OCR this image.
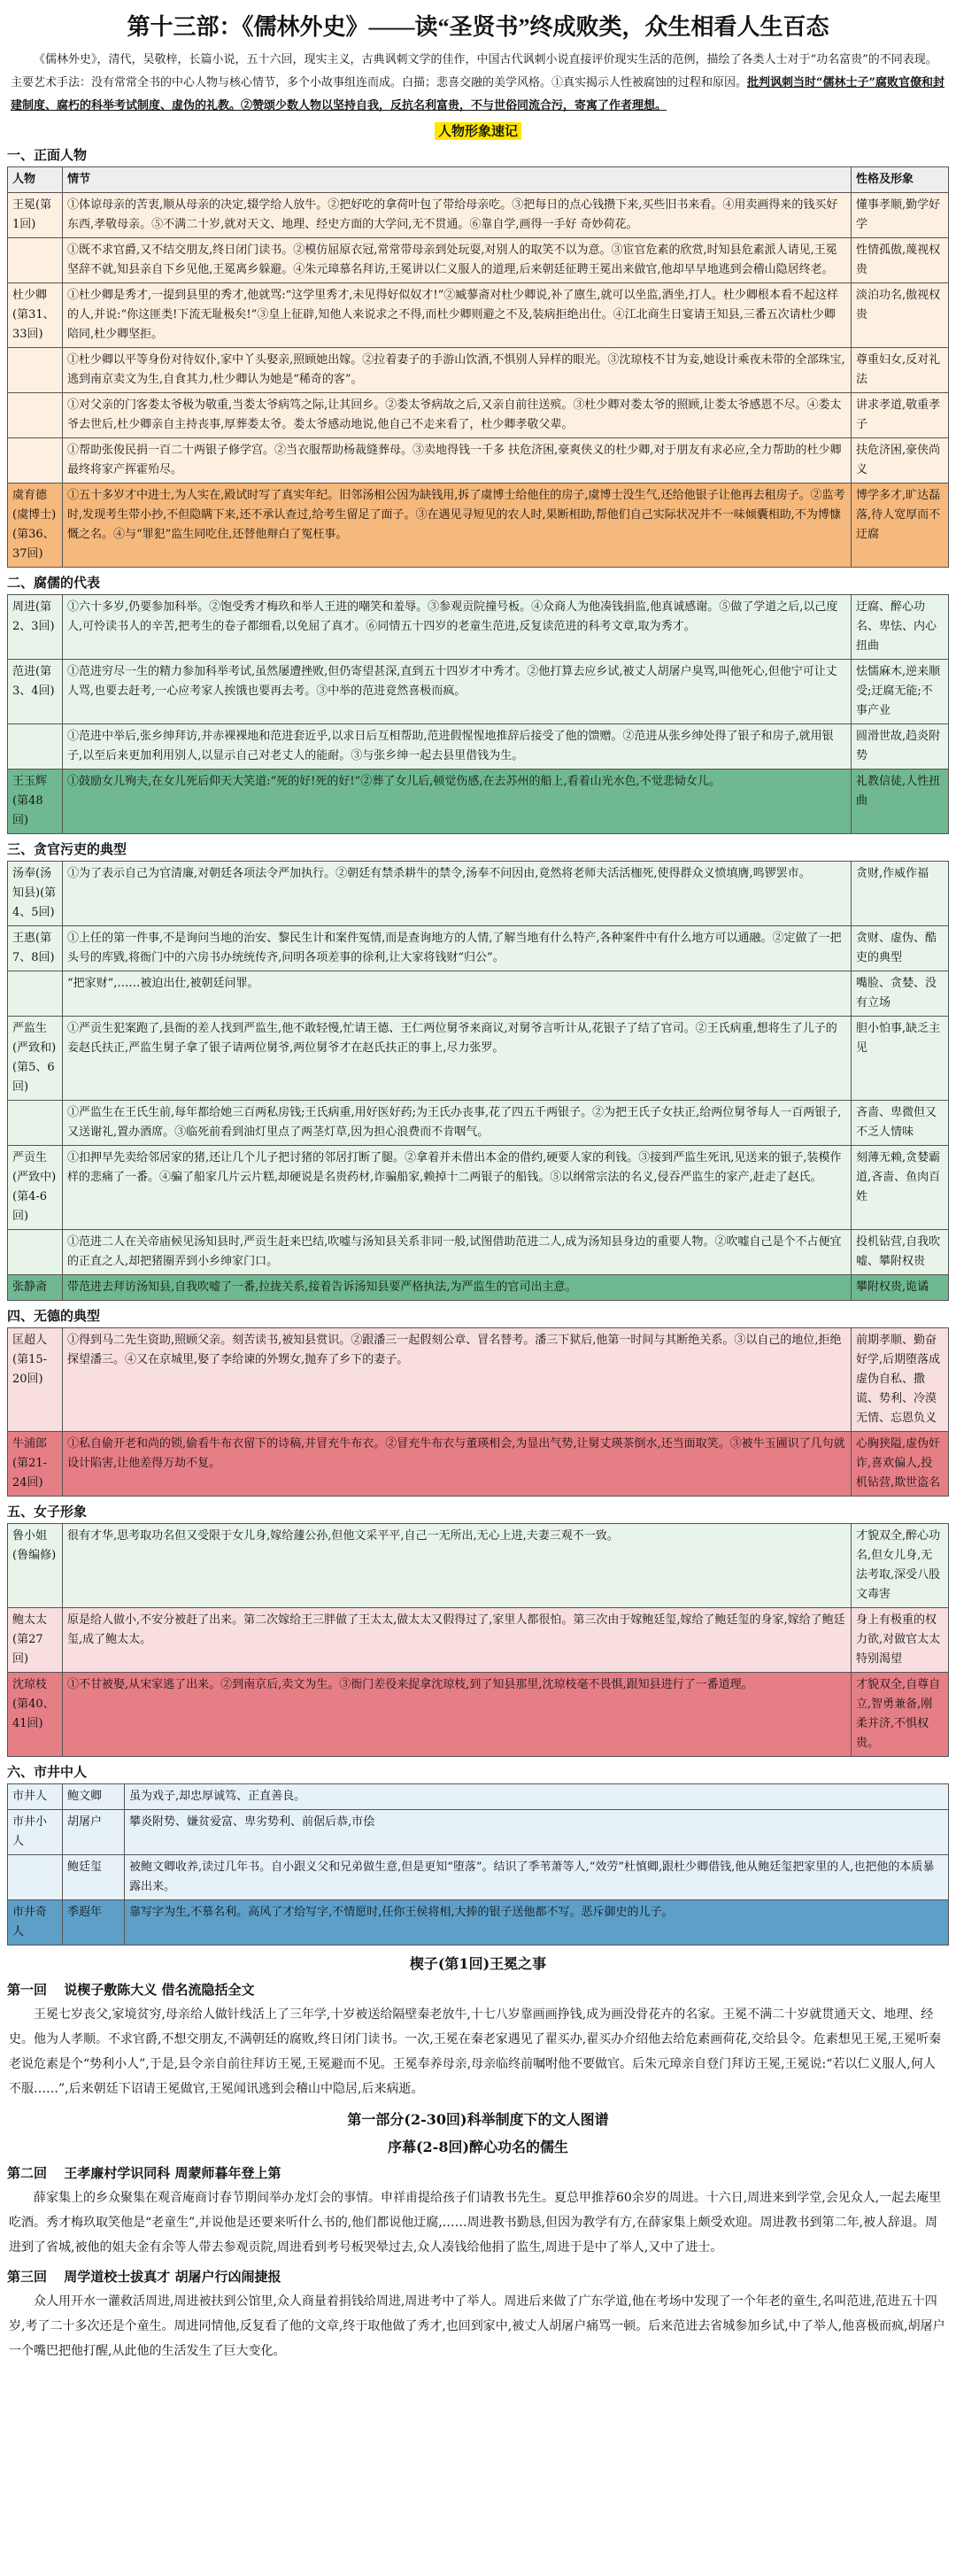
第十三部：《儒林外史》——读“圣贤书”终成败类，众生相看人生百态
《儒林外史》，清代，吴敬梓，长篇小说，五十六回，现实主义，古典讽刺文学的佳作，中国古代讽刺小说直接评价现实生活的范例，描绘了各类人士对于“功名富贵”的不同表现。主要艺术手法：没有常常全书的中心人物与核心情节，多个小故事组连而成。白描；悲喜交融的美学风格。①真实揭示人性被腐蚀的过程和原因。批判讽刺当时“儒林士子”腐败官僚和封建制度、腐朽的科举考试制度、虚伪的礼教。②赞颂少数人物以坚持自我，反抗名利富贵，不与世俗同流合污，寄寓了作者理想。
人物形象速记
一、正面人物
人物	情节	性格及形象
王冕(第1回)	①体谅母亲的苦衷,顺从母亲的决定,辍学给人放牛。②把好吃的拿荷叶包了带给母亲吃。③把每日的点心钱攒下来,买些旧书来看。④用卖画得来的钱买好东西,孝敬母亲。⑤不满二十岁,就对天文、地理、经史方面的大学问,无不贯通。⑥靠自学,画得一手好 奇妙荷花。	懂事孝顺,勤学好学
	①既不求官爵,又不结交朋友,终日闭门读书。②模仿屈原衣冠,常常带母亲到处玩耍,对别人的取笑不以为意。③宦官危素的欣赏,时知县危素派人请见,王冕坚辞不就,知县亲自下乡见他,王冕离乡躲避。④朱元璋慕名拜访,王冕讲以仁义服人的道理,后来朝廷征聘王冕出来做官,他却早早地逃到会稽山隐居终老。	性情孤傲,蔑视权贵
杜少卿(第31、33回)	①杜少卿是秀才,一提到县里的秀才,他就骂:“这学里秀才,未见得好似奴才!”②臧蓼斋对杜少卿说,补了廪生,就可以坐监,酒坐,打人。杜少卿根本看不起这样的人,并说:“你这匪类!下流无耻极矣!”③皇上征辟,知他人来说求之不得,而杜少卿则避之不及,装病拒绝出仕。④江北商生日宴请王知县,三番五次请杜少卿陪同,杜少卿坚拒。	淡泊功名,傲视权贵
	①杜少卿以平等身份对待奴仆,家中丫头娶亲,照顾她出嫁。②拉着妻子的手游山饮酒,不惧别人异样的眼光。③沈琼枝不甘为妾,她设计乘夜未带的全部珠宝,逃到南京卖文为生,自食其力,杜少卿认为她是“稀奇的客”。	尊重妇女,反对礼法
	①对父亲的门客娄太爷极为敬重,当娄太爷病笃之际,让其回乡。②娄太爷病故之后,又亲自前往送殡。③杜少卿对娄太爷的照顾,让娄太爷感恩不尽。④娄太爷去世后,杜少卿亲自主持丧事,厚葬娄太爷。娄太爷感动地说,他自己不走来看了，杜少卿孝敬父辈。	讲求孝道,敬重孝子
	①帮助张俊民捐一百二十两银子修学宫。②当衣服帮助杨裁缝葬母。③卖地得钱一千多 扶危济困,豪爽侠义的杜少卿,对于朋友有求必应,全力帮助的杜少卿最终将家产挥霍殆尽。	扶危济困,豪侠尚义
虞育德(虞博士)(第36、37回)	①五十多岁才中进士,为人实在,殿试时写了真实年纪。旧邻汤相公因为缺钱用,拆了虞博士给他住的房子,虞博士没生气,还给他银子让他再去租房子。②监考时,发现考生带小抄,不但隐瞒下来,还不承认查过,给考生留足了面子。③在遇见寻短见的农人时,果断相助,帮他们自己实际状况并不一味倾囊相助,不为博慷慨之名。④与“罪犯”监生同吃住,还替他辩白了冤枉事。	博学多才,旷达磊落,待人宽厚而不迂腐
二、腐儒的代表
周进(第2、3回)	①六十多岁,仍要参加科举。②饱受秀才梅玖和举人王进的嘲笑和羞辱。③参观贡院撞号板。④众商人为他凑钱捐监,他真诚感谢。⑤做了学道之后,以己度人,可怜读书人的辛苦,把考生的卷子都细看,以免屈了真才。⑥同情五十四岁的老童生范进,反复读范进的科考文章,取为秀才。	迂腐、醉心功名、卑怯、内心扭曲
范进(第3、4回)	①范进穷尽一生的精力参加科举考试,虽然屡遭挫败,但仍寄望甚深,直到五十四岁才中秀才。②他打算去应乡试,被丈人胡屠户臭骂,叫他死心,但他宁可让丈人骂,也要去赶考,一心应考家人挨饿也要再去考。③中举的范进竟然喜极而疯。	怯懦麻木,逆来顺受;迂腐无能;不事产业
	①范进中举后,张乡绅拜访,并赤裸裸地和范进套近乎,以求日后互相帮助,范进假惺惺地推辞后接受了他的馈赠。②范进从张乡绅处得了银子和房子,就用银子,以至后来更加利用别人,以显示自己对老丈人的能耐。③与张乡绅一起去县里借钱为生。	圆滑世故,趋炎附势
王玉辉(第48回)	①鼓励女儿殉夫,在女儿死后仰天大笑道:“死的好!死的好!”②葬了女儿后,顿觉伤感,在去苏州的船上,看着山光水色,不觉悲恸女儿。	礼教信徒,人性扭曲
三、贪官污吏的典型
汤奉(汤知县)(第4、5回)	①为了表示自己为官清廉,对朝廷各项法令严加执行。②朝廷有禁杀耕牛的禁令,汤奉不问因由,竟然将老师夫活活枷死,使得群众义愤填膺,鸣锣罢市。	贪财,作威作福
王惠(第7、8回)	①上任的第一件事,不是询问当地的治安、黎民生计和案件冤情,而是查询地方的人情,了解当地有什么特产,各种案件中有什么地方可以通融。②定做了一把头号的库戥,将衙门中的六房书办统统传齐,问明各项差事的徐利,让大家将钱财“归公”。	贪财、虚伪、酷吏的典型
	“把家财”,……被迫出仕,被朝廷问罪。	嘴脸、贪婪、没有立场
严监生(严致和)(第5、6回)	①严贡生犯案跑了,县衙的差人找到严监生,他不敢轻慢,忙请王德、王仁两位舅爷来商议,对舅爷言听计从,花银子了结了官司。②王氏病重,想将生了儿子的妾赵氏扶正,严监生舅子拿了银子请两位舅爷,两位舅爷才在赵氏扶正的事上,尽力张罗。	胆小怕事,缺乏主见
	①严监生在王氏生前,每年都给她三百两私房钱;王氏病重,用好医好药;为王氏办丧事,花了四五千两银子。②为把王氏子女扶正,给两位舅爷每人一百两银子,又送谢礼,置办酒席。③临死前看到油灯里点了两茎灯草,因为担心浪费而不肯咽气。	吝啬、卑微但又不乏人情味
严贡生(严致中)(第4-6回)	①扣押早先卖给邻居家的猪,还让几个儿子把讨猪的邻居打断了腿。②拿着并未借出本金的借约,硬要人家的利钱。③接到严监生死讯,见送来的银子,装模作样的悲痛了一番。④骗了船家几片云片糕,却硬说是名贵药材,诈骗船家,赖掉十二两银子的船钱。⑤以纲常宗法的名义,侵吞严监生的家产,赶走了赵氏。	刻薄无赖,贪婪霸道,吝啬、鱼肉百姓
	①范进二人在关帝庙候见汤知县时,严贡生赶来巴结,吹嘘与汤知县关系非同一般,试图借助范进二人,成为汤知县身边的重要人物。②吹嘘自己是个不占便宜的正直之人,却把猪圈弄到小乡绅家门口。	投机钻营,自我吹嘘、攀附权贵
张静斋	带范进去拜访汤知县,自我吹嘘了一番,拉拢关系,接着告诉汤知县要严格执法,为严监生的官司出主意。	攀附权贵,诡谲
四、无德的典型
匡超人(第15-20回)	①得到马二先生资助,照顾父亲。刻苦读书,被知县赏识。②跟潘三一起假刻公章、冒名替考。潘三下狱后,他第一时间与其断绝关系。③以自己的地位,拒绝探望潘三。④又在京城里,娶了李给谏的外甥女,抛弃了乡下的妻子。	前期孝顺、勤奋好学,后期堕落成虚伪自私、撒谎、势利、冷漠无情、忘恩负义
牛浦郎(第21-24回)	①私自偷开老和尚的锁,偷看牛布衣留下的诗稿,并冒充牛布衣。②冒充牛布衣与董瑛相会,为显出气势,让舅丈瑛茶倒水,还当面取笑。③被牛玉圃识了几句就设计陷害,让他差得万劫不复。	心胸狭隘,虚伪奸诈,喜欢偏人,投机钻营,欺世盗名
五、女子形象
鲁小姐(鲁编修)	很有才华,思考取功名但又受限于女儿身,嫁给蘧公孙,但他文采平平,自己一无所出,无心上进,夫妻三观不一致。	才貌双全,醉心功名,但女儿身,无法考取,深受八股文毒害
鲍太太(第27回)	原是给人做小,不安分被赶了出来。第二次嫁给王三胖做了王太太,做太太又假得过了,家里人都很怕。第三次由于嫁鲍廷玺,嫁给了鲍廷玺的身家,嫁给了鲍廷玺,成了鲍太太。	身上有极重的权力欲,对做官太太特别渴望
沈琼枝(第40、41回)	①不甘被娶,从宋家逃了出来。②到南京后,卖文为生。③衙门差役来捉拿沈琼枝,到了知县那里,沈琼枝毫不畏惧,跟知县进行了一番道理。	才貌双全,自尊自立,智勇兼备,刚柔并济,不惧权贵。
六、市井中人
市井人	鲍文卿	虽为戏子,却忠厚诚笃、正直善良。
市井小人	胡屠户	攀炎附势、嫌贫爱富、卑劣势利、前倨后恭,市侩
	鲍廷玺	被鲍文卿收养,读过几年书。自小跟义父和兄弟做生意,但是更知“堕落”。结识了季苇萧等人,“效劳”杜慎卿,跟杜少卿借钱,他从鲍廷玺把家里的人,也把他的本质暴露出来。
市井奇人	季遐年	靠写字为生,不慕名利。高风了才给写字,不情愿时,任你王侯将相,大捧的银子送他都不写。恶斥御史的儿子。
楔子(第1回)王冕之事
第一回 说楔子敷陈大义 借名流隐括全文
王冕七岁丧父,家境贫穷,母亲给人做针线活上了三年学,十岁被送给隔壁秦老放牛,十七八岁靠画画挣钱,成为画没骨花卉的名家。王冕不满二十岁就贯通天文、地理、经史。他为人孝顺。不求官爵,不想交朋友,不满朝廷的腐败,终日闭门读书。一次,王冕在秦老家遇见了翟买办,翟买办介绍他去给危素画荷花,交给县令。危素想见王冕,王冕听秦老说危素是个“势利小人”,于是,县令亲自前往拜访王冕,王冕避而不见。王冕奉养母亲,母亲临终前嘱咐他不要做官。后朱元璋亲自登门拜访王冕,王冕说:“若以仁义服人,何人不服……”,后来朝廷下诏请王冕做官,王冕闻讯逃到会稽山中隐居,后来病逝。
第一部分(2-30回)科举制度下的文人图谱
序幕(2-8回)醉心功名的儒生
第二回 王孝廉村学识同科 周蒙师暮年登上第
薛家集上的乡众聚集在观音庵商讨春节期间举办龙灯会的事情。申祥甫提给孩子们请教书先生。夏总甲推荐60余岁的周进。十六日,周进来到学堂,会见众人,一起去庵里吃酒。秀才梅玖取笑他是“老童生”,并说他是还要来听什么书的,他们都说他迂腐,……周进教书勤恳,但因为教学有方,在薛家集上颇受欢迎。周进教书到第二年,被人辞退。周进到了省城,被他的姐夫金有余等人带去参观贡院,周进看到考号板哭晕过去,众人凑钱给他捐了监生,周进于是中了举人,又中了进士。
第三回 周学道校士拔真才 胡屠户行凶闹捷报
众人用开水一灌救活周进,周进被扶到公馆里,众人商量着捐钱给周进,周进考中了举人。周进后来做了广东学道,他在考场中发现了一个年老的童生,名叫范进,范进五十四岁,考了二十多次还是个童生。周进同情他,反复看了他的文章,终于取他做了秀才,也回到家中,被丈人胡屠户痛骂一顿。后来范进去省城参加乡试,中了举人,他喜极而疯,胡屠户一个嘴巴把他打醒,从此他的生活发生了巨大变化。
